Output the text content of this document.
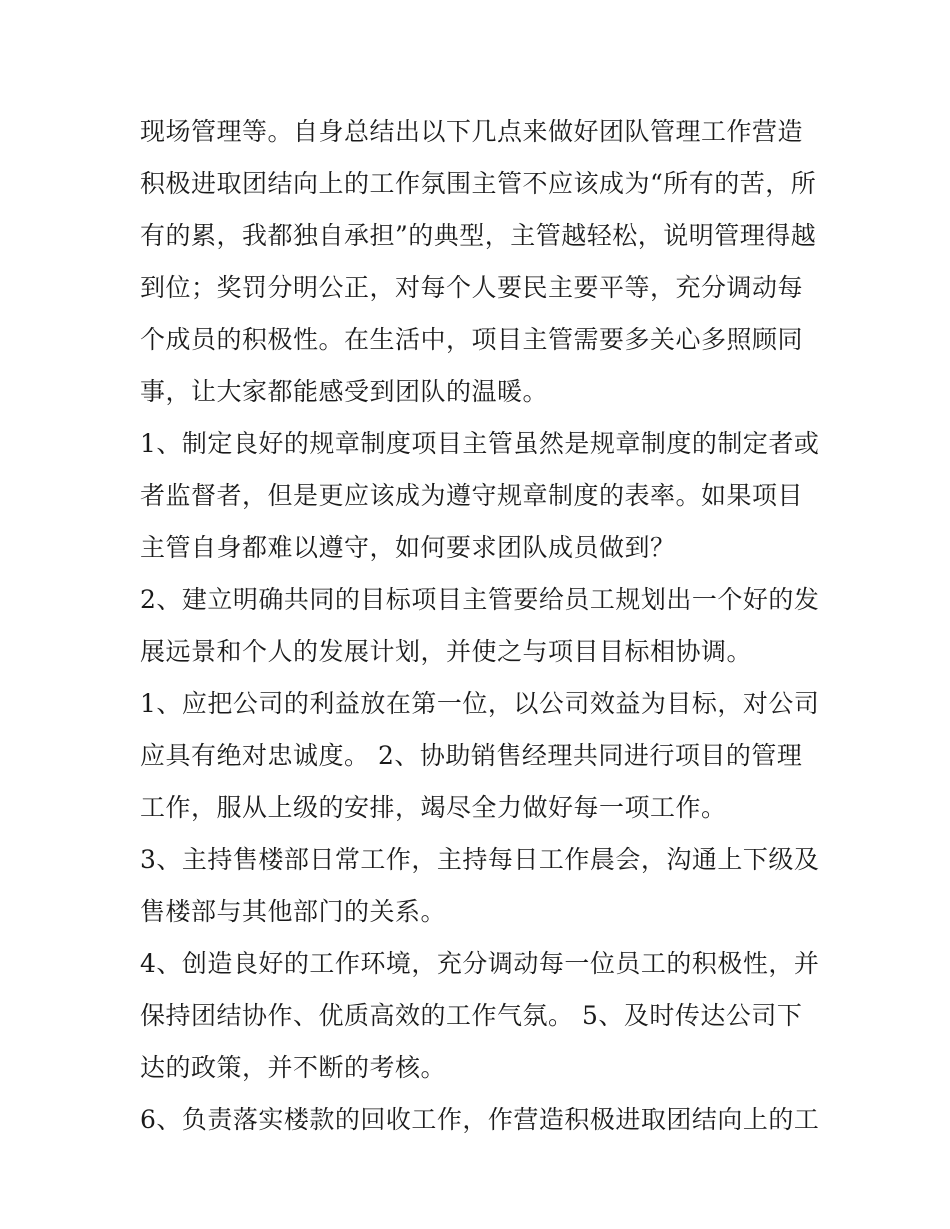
现场管理等。自身总结出以下几点来做好团队管理工作营造积极进取团结向上的工作氛围主管不应该成为“所有的苦，所有的累，我都独自承担”的典型，主管越轻松，说明管理得越到位；奖罚分明公正，对每个人要民主要平等，充分调动每个成员的积极性。在生活中，项目主管需要多关心多照顾同事，让大家都能感受到团队的温暖。

1、制定良好的规章制度项目主管虽然是规章制度的制定者或者监督者，但是更应该成为遵守规章制度的表率。如果项目主管自身都难以遵守，如何要求团队成员做到？

2、建立明确共同的目标项目主管要给员工规划出一个好的发展远景和个人的发展计划，并使之与项目目标相协调。

1、应把公司的利益放在第一位，以公司效益为目标，对公司应具有绝对忠诚度。 2、协助销售经理共同进行项目的管理工作，服从上级的安排，竭尽全力做好每一项工作。

3、主持售楼部日常工作，主持每日工作晨会，沟通上下级及售楼部与其他部门的关系。

4、创造良好的工作环境，充分调动每一位员工的积极性，并保持团结协作、优质高效的工作气氛。 5、及时传达公司下达的政策，并不断的考核。

6、负责落实楼款的回收工作，作营造积极进取团结向上的工
